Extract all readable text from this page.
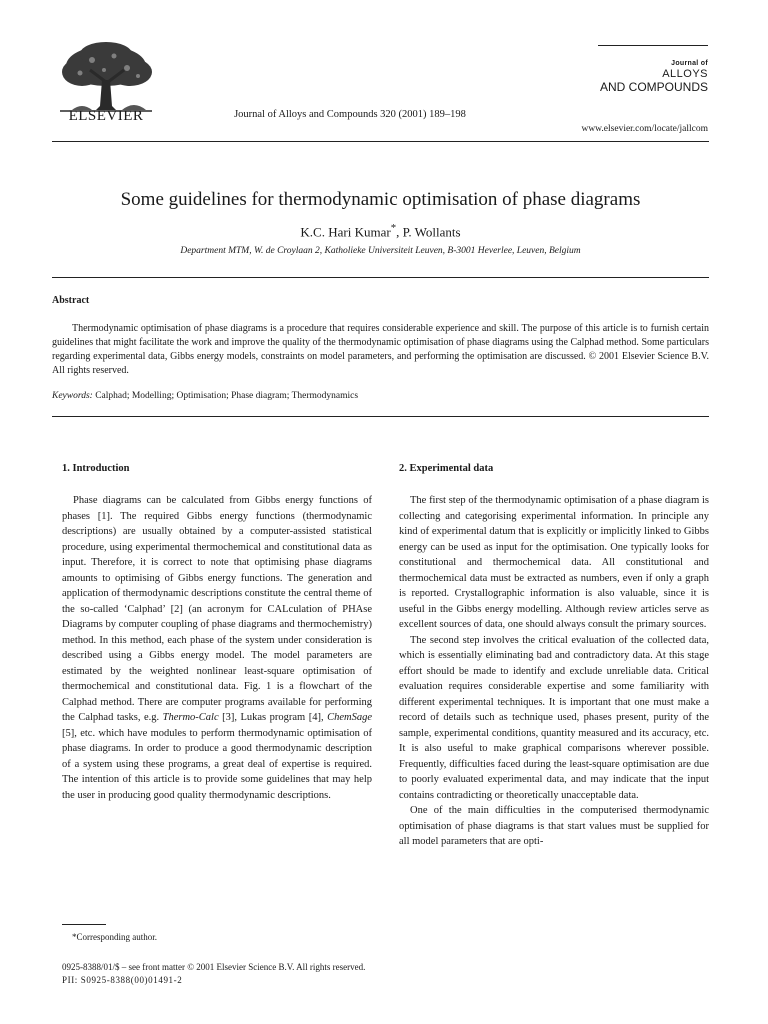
ELSEVIER	Journal of Alloys and Compounds 320 (2001) 189–198
Journal of
ALLOYS
AND COMPOUNDS
www.elsevier.com/locate/jallcom
Some guidelines for thermodynamic optimisation of phase diagrams
K.C. Hari Kumar*, P. Wollants
Department MTM, W. de Croylaan 2, Katholieke Universiteit Leuven, B-3001 Heverlee, Leuven, Belgium
Abstract

Thermodynamic optimisation of phase diagrams is a procedure that requires considerable experience and skill. The purpose of this article is to furnish certain guidelines that might facilitate the work and improve the quality of the thermodynamic optimisation of phase diagrams using the Calphad method. Some particulars regarding experimental data, Gibbs energy models, constraints on model parameters, and performing the optimisation are discussed. © 2001 Elsevier Science B.V. All rights reserved.

Keywords: Calphad; Modelling; Optimisation; Phase diagram; Thermodynamics
1. Introduction

Phase diagrams can be calculated from Gibbs energy functions of phases [1]. The required Gibbs energy functions (thermodynamic descriptions) are usually obtained by a computer-assisted statistical procedure, using experimental thermochemical and constitutional data as input. Therefore, it is correct to note that optimising phase diagrams amounts to optimising of Gibbs energy functions. The generation and application of thermodynamic descriptions constitute the central theme of the so-called ‘Calphad’ [2] (an acronym for CALculation of PHAse Diagrams by computer coupling of phase diagrams and thermochemistry) method. In this method, each phase of the system under consideration is described using a Gibbs energy model. The model parameters are estimated by the weighted nonlinear least-square optimisation of thermochemical and constitutional data. Fig. 1 is a flowchart of the Calphad method. There are computer programs available for performing the Calphad tasks, e.g. Thermo-Calc [3], Lukas program [4], ChemSage [5], etc. which have modules to perform thermodynamic optimisation of phase diagrams. In order to produce a good thermodynamic description of a system using these programs, a great deal of expertise is required. The intention of this article is to provide some guidelines that may help the user in producing good quality thermodynamic descriptions.

2. Experimental data

The first step of the thermodynamic optimisation of a phase diagram is collecting and categorising experimental information. In principle any kind of experimental datum that is explicitly or implicitly linked to Gibbs energy can be used as input for the optimisation. One typically looks for constitutional and thermochemical data. All constitutional and thermochemical data must be extracted as numbers, even if only a graph is reported. Crystallographic information is also valuable, since it is useful in the Gibbs energy modelling. Although review articles serve as excellent sources of data, one should always consult the primary sources.

The second step involves the critical evaluation of the collected data, which is essentially eliminating bad and contradictory data. At this stage effort should be made to identify and exclude unreliable data. Critical evaluation requires considerable expertise and some familiarity with different experimental techniques. It is important that one must make a record of details such as technique used, phases present, purity of the sample, experimental conditions, quantity measured and its accuracy, etc. It is also useful to make graphical comparisons wherever possible. Frequently, difficulties faced during the least-square optimisation are due to poorly evaluated experimental data, and may indicate that the input contains contradicting or theoretically unacceptable data.

One of the main difficulties in the computerised thermodynamic optimisation of phase diagrams is that start values must be supplied for all model parameters that are opti-

*Corresponding author.
0925-8388/01/$ – see front matter © 2001 Elsevier Science B.V. All rights reserved.
PII: S0925-8388(00)01491-2
